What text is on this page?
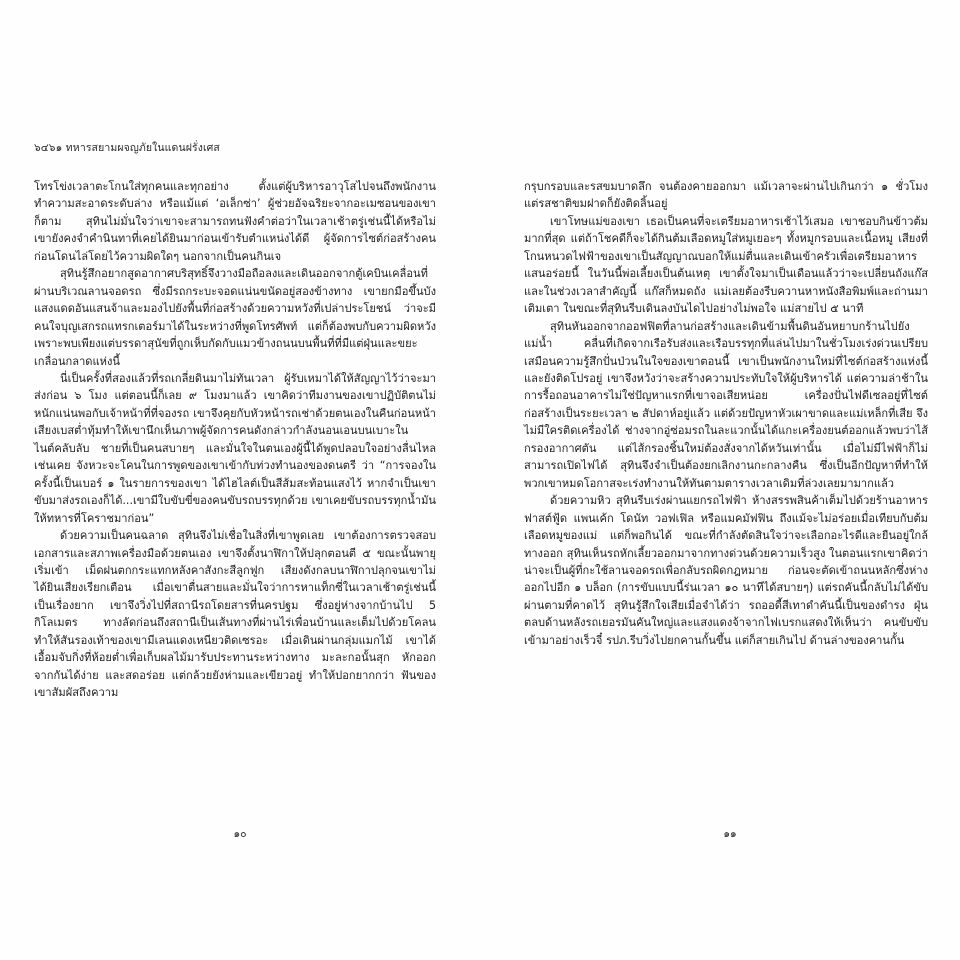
๖๔๖๑ ทหารสยามผจญภัยในแดนฝรั่งเศส

โทรโข่งเวลาตะโกนใส่ทุกคนและทุกอย่าง ตั้งแต่ผู้บริหารอาวุโสไปจนถึงพนักงานทำความสะอาดระดับล่าง หรือแม้แต่ ‘อเล็กซ่า’ ผู้ช่วยอัจฉริยะจากอะเมซอนของเขาก็ตาม สุทินไม่มั่นใจว่าเขาจะสามารถทนฟังคำต่อว่าในเวลาเช้าตรู่เช่นนี้ได้หรือไม่ เขายังคงจำคำนินทาที่เคยได้ยินมาก่อนเข้ารับตำแหน่งได้ดี ผู้จัดการไซต์ก่อสร้างคนก่อนโดนไล่โดยไว้ความผิดใดๆ นอกจากเป็นคนกินเจ

สุทินรู้สึกอยากสูดอากาศบริสุทธิ์จึงวางมือถือลงและเดินออกจากตู้เคบินเคลื่อนที่ ผ่านบริเวณลานจอดรถ ซึ่งมีรถกระบะจอดแน่นขนัดอยู่สองข้างทาง เขายกมือขึ้นบังแสงแดดอันแสนจ้าและมองไปยังพื้นที่ก่อสร้างด้วยความหวังที่เปล่าประโยชน์ ว่าจะมีคนใจบุญเสกรถแทรกเตอร์มาได้ในระหว่างที่พูดโทรศัพท์ แต่ก็ต้องพบกับความผิดหวัง เพราะพบเพียงแต่บรรดาสุนัขที่ถูกเห็บกัดกับแมวข้างถนนบนพื้นที่ที่มีแต่ฝุ่นและขยะเกลื่อนกลาดแห่งนี้

นี่เป็นครั้งที่สองแล้วที่รถเกลี่ยดินมาไม่ทันเวลา ผู้รับเหมาได้ให้สัญญาไว้ว่าจะมาส่งก่อน ๖ โมง แต่ตอนนี้ก็เลย ๙ โมงมาแล้ว เขาคิดว่าทีมงานของเขาปฏิบัติตนไม่หนักแน่นพอกับเจ้าหน้าที่ที่จองรถ เขาจึงคุยกับหัวหน้ารถเช่าด้วยตนเองในคืนก่อนหน้า เสียงเบสต่ำทุ้มทำให้เขานึกเห็นภาพผู้จัดการคนดังกล่าวกำลังนอนเอนบนเบาะในไนต์คลับลับ ชายที่เป็นคนสบายๆ และมั่นใจในตนเองผู้นี้ได้พูดปลอบใจอย่างลื่นไหลเช่นเคย จังหวะจะโคนในการพูดของเขาเข้ากับท่วงทำนองของดนตรี ว่า “การจองในครั้งนี้เป็นเบอร์ ๑ ในรายการของเขา ได้ไฮไลต์เป็นสีส้มสะท้อนแสงไว้ หากจำเป็นเขาขับมาส่งรถเองก็ได้...เขามีใบขับขี่ของคนขับรถบรรทุกด้วย เขาเคยขับรถบรรทุกน้ำมันให้ทหารที่โคราชมาก่อน”

ด้วยความเป็นคนฉลาด สุทินจึงไม่เชื่อในสิ่งที่เขาพูดเลย เขาต้องการตรวจสอบเอกสารและสภาพเครื่องมือด้วยตนเอง เขาจึงตั้งนาฬิกาให้ปลุกตอนตี ๕ ขณะนั้นพายุเริ่มเข้า เม็ดฝนตกกระแทกหลังคาสังกะสีลูกฟูก เสียงดังกลบนาฬิกาปลุกจนเขาไม่ได้ยินเสียงเรียกเตือน เมื่อเขาตื่นสายและมั่นใจว่าการหาแท็กซี่ในเวลาเช้าตรู่เช่นนี้เป็นเรื่องยาก เขาจึงวิ่งไปที่สถานีรถโดยสารที่นครปฐม ซึ่งอยู่ห่างจากบ้านไป 5 กิโลเมตร ทางลัดก่อนถึงสถานีเป็นเส้นทางที่ผ่านไร่เพื่อนบ้านและเต็มไปด้วยโคลน ทำให้สันรองเท้าของเขามีเลนแดงเหนียวติดเซรอะ เมื่อเดินผ่านกลุ่มแมกไม้ เขาได้เอื้อมจับกิ่งที่ห้อยต่ำเพื่อเก็บผลไม้มารับประทานระหว่างทาง มะละกอนั้นสุก หักออกจากกันได้ง่าย และสดอร่อย แต่กล้วยยังห่ามและเขียวอยู่ ทำให้ปอกยากกว่า ฟันของเขาสัมผัสถึงความ

๑๐

กรุบกรอบและรสขมบาดลึก จนต้องคายออกมา แม้เวลาจะผ่านไปเกินกว่า ๑ ชั่วโมง แต่รสชาติขมฝาดก็ยังติดลิ้นอยู่

เขาโทษแม่ของเขา เธอเป็นคนที่จะเตรียมอาหารเช้าไว้เสมอ เขาชอบกินข้าวต้มมากที่สุด แต่ถ้าโชคดีก็จะได้กินต้มเลือดหมูใส่หมูเยอะๆ ทั้งหมูกรอบและเนื้อหมู เสียงที่โกนหนวดไฟฟ้าของเขาเป็นสัญญาณบอกให้แม่ตื่นและเดินเข้าครัวเพื่อเตรียมอาหารแสนอร่อยนี้ ในวันนี้พ่อเลี้ยงเป็นต้นเหตุ เขาตั้งใจมาเป็นเดือนแล้วว่าจะเปลี่ยนถังแก๊ส และในช่วงเวลาสำคัญนี้ แก๊สก็หมดถัง แม่เลยต้องรีบควานหาหนังสือพิมพ์และถ่านมาเติมเตา ในขณะที่สุทินรีบเดินลงบันไดไปอย่างไม่พอใจ แม่สายไป ๕ นาที

สุทินหันออกจากออฟฟิตที่ลานก่อสร้างและเดินข้ามพื้นดินอันหยาบกร้านไปยังแม่น้ำ คลื่นที่เกิดจากเรือรับส่งและเรือบรรทุกที่แล่นไปมาในชั่วโมงเร่งด่วนเปรียบเสมือนความรู้สึกปั่นป่วนในใจของเขาตอนนี้ เขาเป็นพนักงานใหม่ที่ไซต์ก่อสร้างแห่งนี้และยังติดโปรอยู่ เขาจึงหวังว่าจะสร้างความประทับใจให้ผู้บริหารได้ แต่ความล่าช้าในการรื้อถอนอาคารไม่ใช่ปัญหาแรกที่เขาจอเสียหน่อย เครื่องปั่นไฟดีเซลอยู่ที่ไซต์ก่อสร้างเป็นระยะเวลา ๒ สัปดาห์อยู่แล้ว แต่ด้วยปัญหาหัวเผาขาดและแม่เหล็กที่เสีย จึงไม่มีใครติดเครื่องได้ ช่างจากอู่ซ่อมรถในละแวกนั้นได้แกะเครื่องยนต์ออกแล้วพบว่าไส้กรองอากาศตัน แต่ไส้กรองชิ้นใหม่ต้องสั่งจากได้หวันเท่านั้น เมื่อไม่มีไฟฟ้าก็ไม่สามารถเปิดไฟได้ สุทินจึงจำเป็นต้องยกเลิกงานกะกลางคืน ซึ่งเป็นอีกปัญหาที่ทำให้พวกเขาหมดโอกาสจะเร่งทำงานให้ทันตามตารางเวลาเดิมที่ล่วงเลยมามากแล้ว

ด้วยความหิว สุทินรีบเร่งผ่านแยกรถไฟฟ้า ห้างสรรพสินค้าเต็มไปด้วยร้านอาหารฟาสต์ฟู้ด แพนเค้ก โดนัท วอฟเฟิล หรือแมคมัฟฟิน ถึงแม้จะไม่อร่อยเมื่อเทียบกับต้มเลือดหมูของแม่ แต่ก็พอกินได้ ขณะที่กำลังตัดสินใจว่าจะเลือกอะไรดีและยืนอยู่ใกล้ทางออก สุทินเห็นรถหักเลี้ยวออกมาจากทางด่วนด้วยความเร็วสูง ในตอนแรกเขาคิดว่าน่าจะเป็นผู้ที่กะใช้ลานจอดรถเพื่อกลับรถผิดกฎหมาย ก่อนจะตัดเข้าถนนหลักซึ่งห่างออกไปอีก ๑ บล็อก (การขับแบบนี้ร่นเวลา ๑๐ นาทีได้สบายๆ) แต่รถคันนี้กลับไม่ได้ขับผ่านตามที่คาดไว้ สุทินรู้สึกใจเสียเมื่อจำได้ว่า รถออดี้สีเทาดำคันนี้เป็นของดำรง ฝุ่นตลบด้านหลังรถเยอรมันคันใหญ่และแสงแดงจ้าจากไฟเบรกแสดงให้เห็นว่า คนขับขับเข้ามาอย่างเร็วจี๋ รปภ.รีบวิ่งไปยกคานกั้นขึ้น แต่ก็สายเกินไป ด้านล่างของคานกั้น

๑๑
